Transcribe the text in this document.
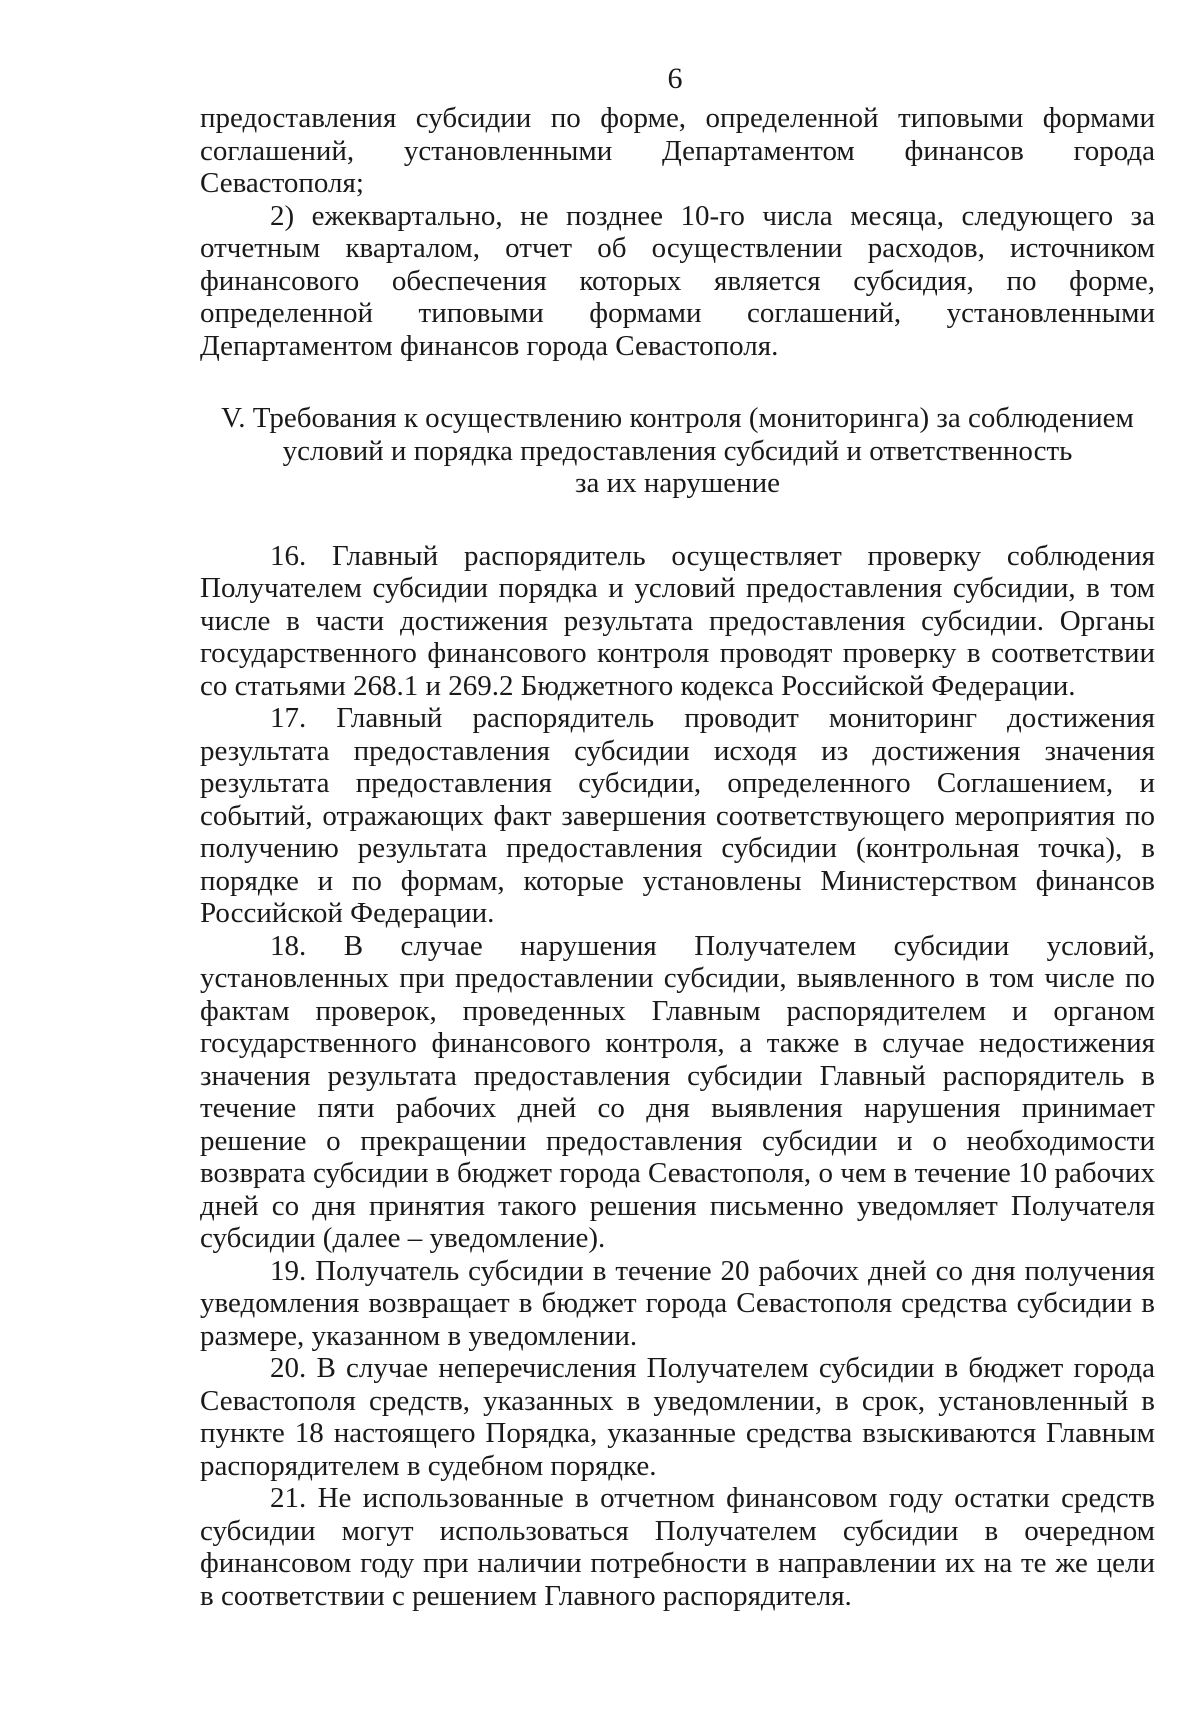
6

предоставления субсидии по форме, определенной типовыми формами соглашений, установленными Департаментом финансов города Севастополя;

2) ежеквартально, не позднее 10-го числа месяца, следующего за отчетным кварталом, отчет об осуществлении расходов, источником финансового обеспечения которых является субсидия, по форме, определенной типовыми формами соглашений, установленными Департаментом финансов города Севастополя.

V. Требования к осуществлению контроля (мониторинга) за соблюдением
условий и порядка предоставления субсидий и ответственность
за их нарушение

16. Главный распорядитель осуществляет проверку соблюдения Получателем субсидии порядка и условий предоставления субсидии, в том числе в части достижения результата предоставления субсидии. Органы государственного финансового контроля проводят проверку в соответствии со статьями 268.1 и 269.2 Бюджетного кодекса Российской Федерации.

17. Главный распорядитель проводит мониторинг достижения результата предоставления субсидии исходя из достижения значения результата предоставления субсидии, определенного Соглашением, и событий, отражающих факт завершения соответствующего мероприятия по получению результата предоставления субсидии (контрольная точка), в порядке и по формам, которые установлены Министерством финансов Российской Федерации.

18. В случае нарушения Получателем субсидии условий, установленных при предоставлении субсидии, выявленного в том числе по фактам проверок, проведенных Главным распорядителем и органом государственного финансового контроля, а также в случае недостижения значения результата предоставления субсидии Главный распорядитель в течение пяти рабочих дней со дня выявления нарушения принимает решение о прекращении предоставления субсидии и о необходимости возврата субсидии в бюджет города Севастополя, о чем в течение 10 рабочих дней со дня принятия такого решения письменно уведомляет Получателя субсидии (далее – уведомление).

19. Получатель субсидии в течение 20 рабочих дней со дня получения уведомления возвращает в бюджет города Севастополя средства субсидии в размере, указанном в уведомлении.

20. В случае неперечисления Получателем субсидии в бюджет города Севастополя средств, указанных в уведомлении, в срок, установленный в пункте 18 настоящего Порядка, указанные средства взыскиваются Главным распорядителем в судебном порядке.

21. Не использованные в отчетном финансовом году остатки средств субсидии могут использоваться Получателем субсидии в очередном финансовом году при наличии потребности в направлении их на те же цели в соответствии с решением Главного распорядителя.
